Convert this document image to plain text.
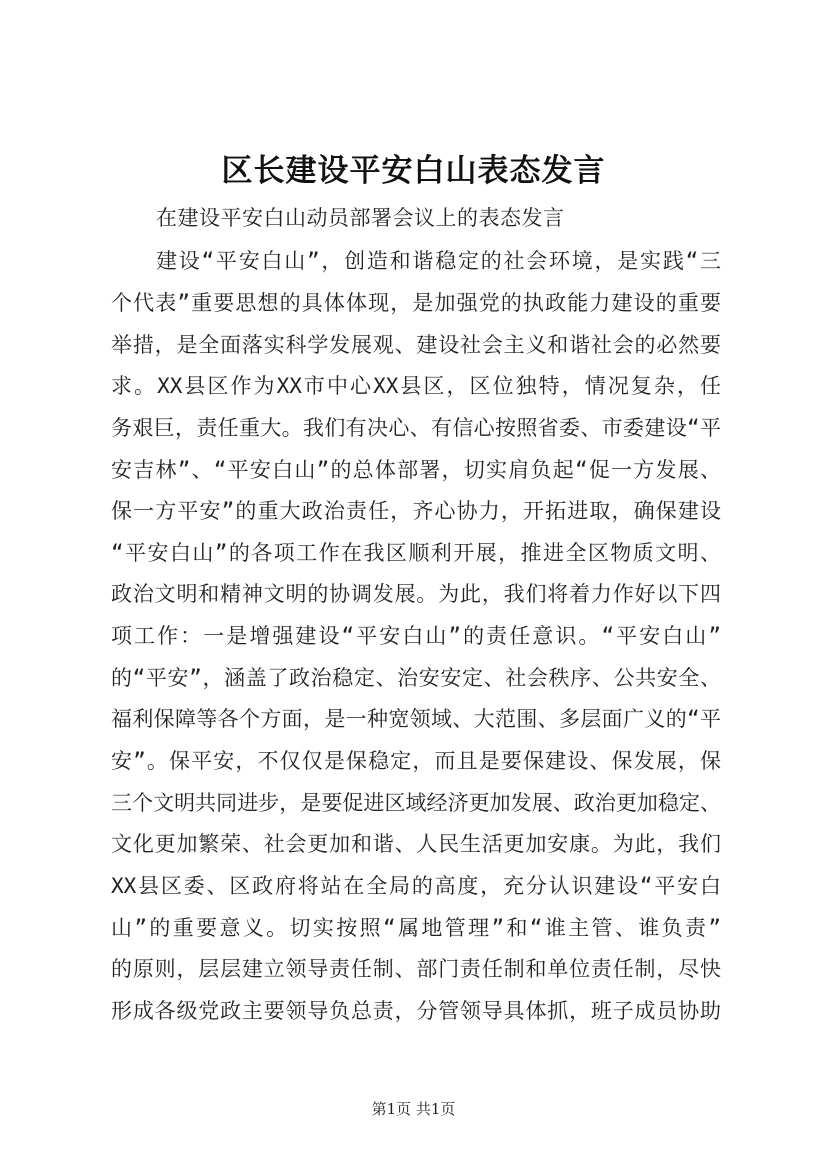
区长建设平安白山表态发言
在建设平安白山动员部署会议上的表态发言
建设“平安白山”，创造和谐稳定的社会环境，是实践“三
个代表”重要思想的具体体现，是加强党的执政能力建设的重要
举措，是全面落实科学发展观、建设社会主义和谐社会的必然要
求。XX县区作为XX市中心XX县区，区位独特，情况复杂，任
务艰巨，责任重大。我们有决心、有信心按照省委、市委建设“平
安吉林”、“平安白山”的总体部署，切实肩负起“促一方发展、
保一方平安”的重大政治责任，齐心协力，开拓进取，确保建设
“平安白山”的各项工作在我区顺利开展，推进全区物质文明、
政治文明和精神文明的协调发展。为此，我们将着力作好以下四
项工作：一是增强建设“平安白山”的责任意识。“平安白山”
的“平安”，涵盖了政治稳定、治安安定、社会秩序、公共安全、
福利保障等各个方面，是一种宽领域、大范围、多层面广义的“平
安”。保平安，不仅仅是保稳定，而且是要保建设、保发展，保
三个文明共同进步，是要促进区域经济更加发展、政治更加稳定、
文化更加繁荣、社会更加和谐、人民生活更加安康。为此，我们
XX县区委、区政府将站在全局的高度，充分认识建设“平安白
山”的重要意义。切实按照“属地管理”和“谁主管、谁负责”
的原则，层层建立领导责任制、部门责任制和单位责任制，尽快
形成各级党政主要领导负总责，分管领导具体抓，班子成员协助
第1页 共1页
